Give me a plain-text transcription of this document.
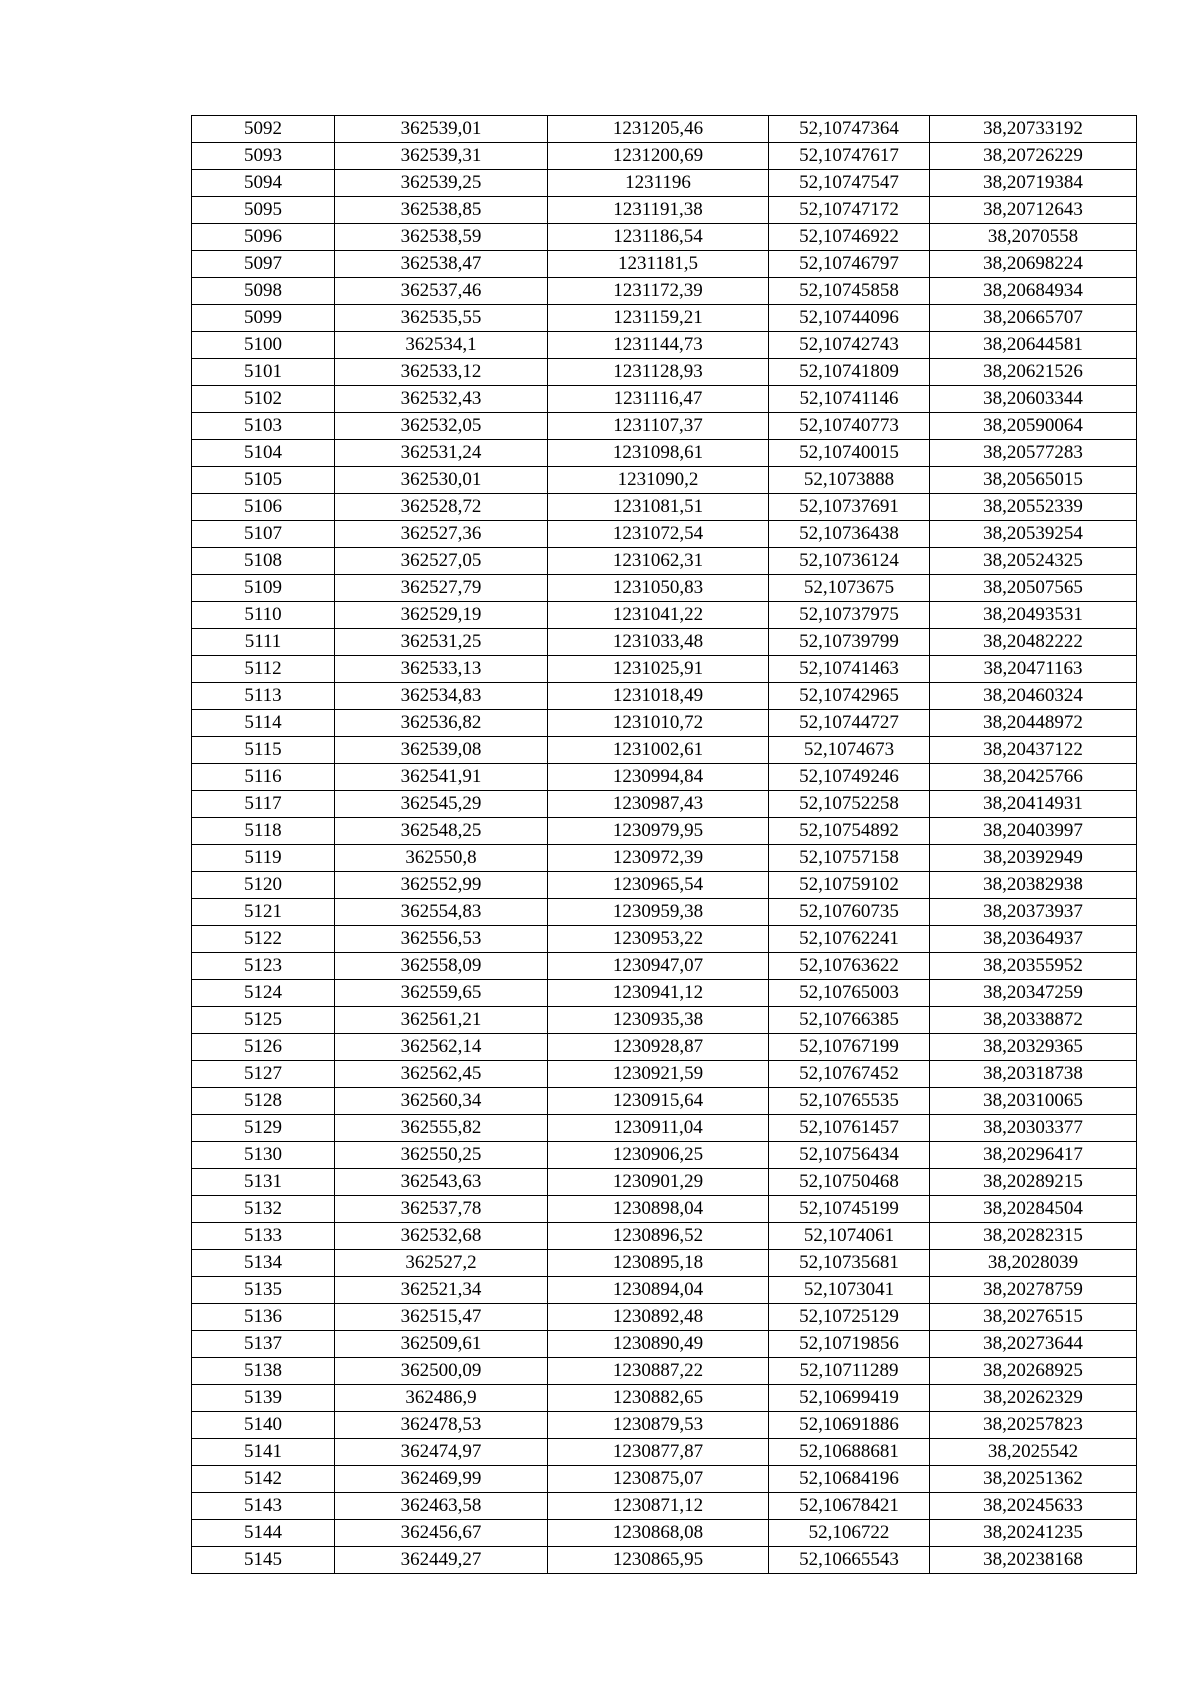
5092	362539,01	1231205,46	52,10747364	38,20733192
5093	362539,31	1231200,69	52,10747617	38,20726229
5094	362539,25	1231196	52,10747547	38,20719384
5095	362538,85	1231191,38	52,10747172	38,20712643
5096	362538,59	1231186,54	52,10746922	38,2070558
5097	362538,47	1231181,5	52,10746797	38,20698224
5098	362537,46	1231172,39	52,10745858	38,20684934
5099	362535,55	1231159,21	52,10744096	38,20665707
5100	362534,1	1231144,73	52,10742743	38,20644581
5101	362533,12	1231128,93	52,10741809	38,20621526
5102	362532,43	1231116,47	52,10741146	38,20603344
5103	362532,05	1231107,37	52,10740773	38,20590064
5104	362531,24	1231098,61	52,10740015	38,20577283
5105	362530,01	1231090,2	52,1073888	38,20565015
5106	362528,72	1231081,51	52,10737691	38,20552339
5107	362527,36	1231072,54	52,10736438	38,20539254
5108	362527,05	1231062,31	52,10736124	38,20524325
5109	362527,79	1231050,83	52,1073675	38,20507565
5110	362529,19	1231041,22	52,10737975	38,20493531
5111	362531,25	1231033,48	52,10739799	38,20482222
5112	362533,13	1231025,91	52,10741463	38,20471163
5113	362534,83	1231018,49	52,10742965	38,20460324
5114	362536,82	1231010,72	52,10744727	38,20448972
5115	362539,08	1231002,61	52,1074673	38,20437122
5116	362541,91	1230994,84	52,10749246	38,20425766
5117	362545,29	1230987,43	52,10752258	38,20414931
5118	362548,25	1230979,95	52,10754892	38,20403997
5119	362550,8	1230972,39	52,10757158	38,20392949
5120	362552,99	1230965,54	52,10759102	38,20382938
5121	362554,83	1230959,38	52,10760735	38,20373937
5122	362556,53	1230953,22	52,10762241	38,20364937
5123	362558,09	1230947,07	52,10763622	38,20355952
5124	362559,65	1230941,12	52,10765003	38,20347259
5125	362561,21	1230935,38	52,10766385	38,20338872
5126	362562,14	1230928,87	52,10767199	38,20329365
5127	362562,45	1230921,59	52,10767452	38,20318738
5128	362560,34	1230915,64	52,10765535	38,20310065
5129	362555,82	1230911,04	52,10761457	38,20303377
5130	362550,25	1230906,25	52,10756434	38,20296417
5131	362543,63	1230901,29	52,10750468	38,20289215
5132	362537,78	1230898,04	52,10745199	38,20284504
5133	362532,68	1230896,52	52,1074061	38,20282315
5134	362527,2	1230895,18	52,10735681	38,2028039
5135	362521,34	1230894,04	52,1073041	38,20278759
5136	362515,47	1230892,48	52,10725129	38,20276515
5137	362509,61	1230890,49	52,10719856	38,20273644
5138	362500,09	1230887,22	52,10711289	38,20268925
5139	362486,9	1230882,65	52,10699419	38,20262329
5140	362478,53	1230879,53	52,10691886	38,20257823
5141	362474,97	1230877,87	52,10688681	38,2025542
5142	362469,99	1230875,07	52,10684196	38,20251362
5143	362463,58	1230871,12	52,10678421	38,20245633
5144	362456,67	1230868,08	52,106722	38,20241235
5145	362449,27	1230865,95	52,10665543	38,20238168
